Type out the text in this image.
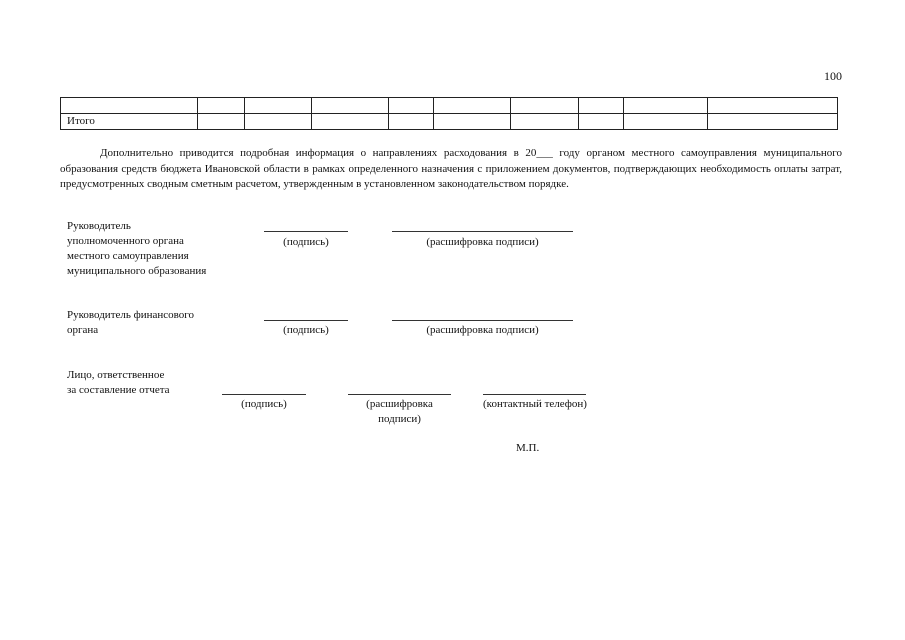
100

Итого									
Дополнительно приводится подробная информация о направлениях расходования в 20___ году органом местного самоуправления муниципального образования средств бюджета Ивановской области в рамках определенного назначения с приложением документов, подтверждающих необходимость оплаты затрат, предусмотренных сводным сметным расчетом, утвержденным в установленном законодательством порядке.
Руководитель
уполномоченного органа
местного самоуправления
муниципального образования
(подпись)	(расшифровка подписи)
Руководитель финансового
органа	(подпись)	(расшифровка подписи)
Лицо, ответственное
за составление отчета
(подпись)	(расшифровка подписи)
(контактный телефон)
М.П.
